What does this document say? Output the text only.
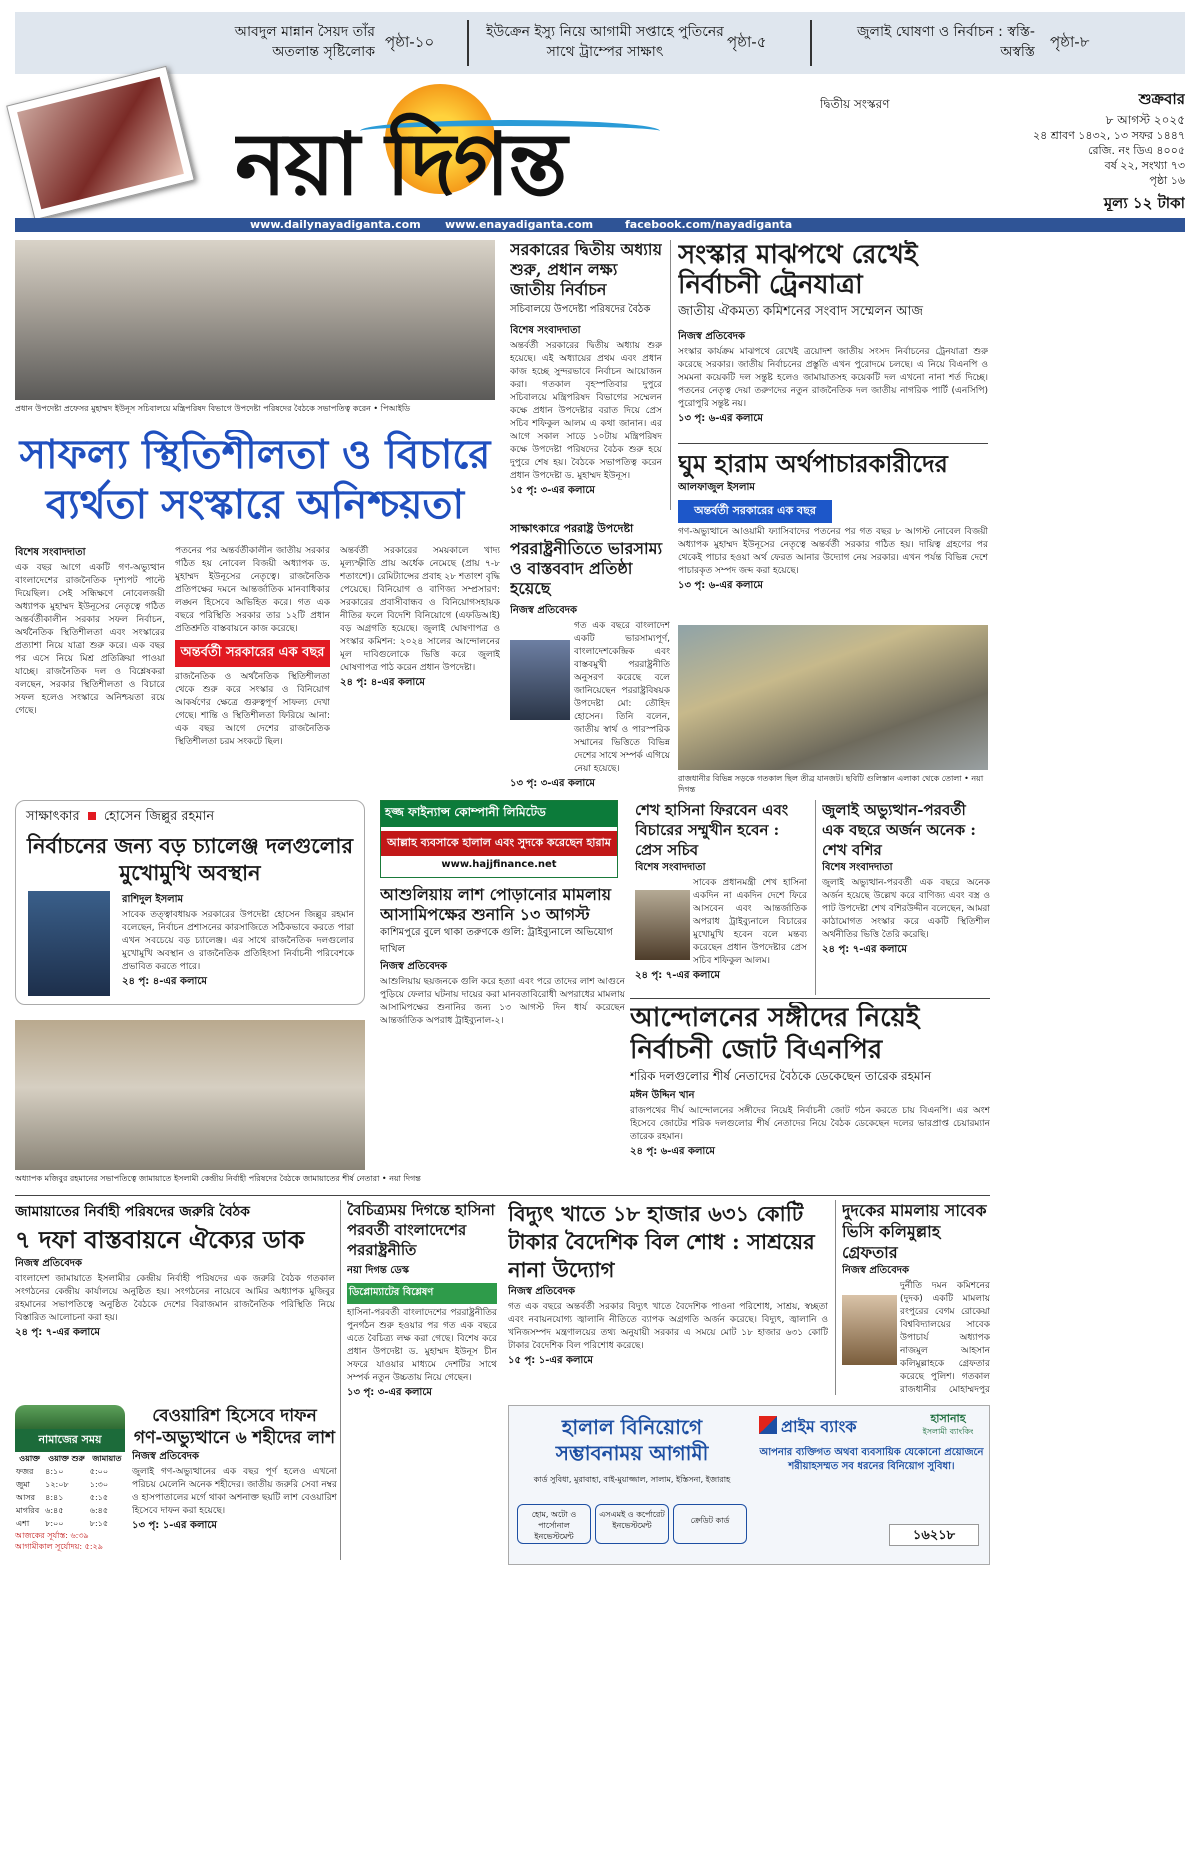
আবদুল মান্নান সৈয়দ তাঁর অতলান্ত সৃষ্টিলোক
পৃষ্ঠা-১০
ইউক্রেন ইস্যু নিয়ে আগামী সপ্তাহে পুতিনের সাথে ট্রাম্পের সাক্ষাৎ
পৃষ্ঠা-৫
জুলাই ঘোষণা ও নির্বাচন : স্বস্তি-অস্বস্তি
পৃষ্ঠা-৮
নয়া দিগন্ত
দ্বিতীয় সংস্করণ	শুক্রবার
৮ আগস্ট ২০২৫
২৪ শ্রাবণ ১৪৩২, ১৩ সফর ১৪৪৭
রেজি. নং ডিএ ৪০০৫
বর্ষ ২২, সংখ্যা ৭৩
পৃষ্ঠা ১৬
মূল্য ১২ টাকা
www.dailynayadiganta.com www.enayadiganta.com	facebook.com/nayadiganta
প্রধান উপদেষ্টা প্রফেসর মুহাম্মদ ইউনূস সচিবালয়ে মন্ত্রিপরিষদ বিভাগে উপদেষ্টা পরিষদের বৈঠকে সভাপতিত্ব করেন • পিআইডি
সরকারের দ্বিতীয় অধ্যায় শুরু, প্রধান লক্ষ্য জাতীয় নির্বাচন
সচিবালয়ে উপদেষ্টা পরিষদের বৈঠক
বিশেষ সংবাদদাতা
অন্তর্বর্তী সরকারের দ্বিতীয় অধ্যায় শুরু হয়েছে। এই অধ্যায়ের প্রথম এবং প্রধান কাজ হচ্ছে সুন্দরভাবে নির্বাচন আয়োজন করা। গতকাল বৃহস্পতিবার দুপুরে সচিবালয়ে মন্ত্রিপরিষদ বিভাগের সম্মেলন কক্ষে প্রধান উপদেষ্টার বরাত দিয়ে প্রেস সচিব শফিকুল আলম এ কথা জানান। এর আগে সকাল সাড়ে ১০টায় মন্ত্রিপরিষদ কক্ষে উপদেষ্টা পরিষদের বৈঠক শুরু হয়ে দুপুরে শেষ হয়। বৈঠকে সভাপতিত্ব করেন প্রধান উপদেষ্টা ড. মুহাম্মদ ইউনূস।
১৫ পৃ: ৩-এর কলামে
সংস্কার মাঝপথে রেখেই নির্বাচনী ট্রেনযাত্রা
জাতীয় ঐকমত্য কমিশনের সংবাদ সম্মেলন আজ
নিজস্ব প্রতিবেদক
সংস্কার কার্যক্রম মাঝপথে রেখেই ত্রয়োদশ জাতীয় সংসদ নির্বাচনের ট্রেনযাত্রা শুরু করেছে সরকার। জাতীয় নির্বাচনের প্রস্তুতি এখন পুরোদমে চলছে। এ নিয়ে বিএনপি ও সমমনা কয়েকটি দল সন্তুষ্ট হলেও জামায়াতসহ কয়েকটি দল এখনো নানা শর্ত দিচ্ছে। পতনের নেতৃত্ব দেয়া তরুণদের নতুন রাজনৈতিক দল জাতীয় নাগরিক পার্টি (এনসিপি) পুরোপুরি সন্তুষ্ট নয়।
১৩ পৃ: ৬-এর কলামে
সাফল্য স্থিতিশীলতা ও বিচারে
ব্যর্থতা সংস্কারে অনিশ্চয়তা
বিশেষ সংবাদদাতা
এক বছর আগে একটি গণ-অভ্যুত্থান বাংলাদেশের রাজনৈতিক দৃশ্যপট পাল্টে দিয়েছিল। সেই সন্ধিক্ষণে নোবেলজয়ী অধ্যাপক মুহাম্মদ ইউনূসের নেতৃত্বে গঠিত অন্তর্বর্তীকালীন সরকার সফল নির্বাচন, অর্থনৈতিক স্থিতিশীলতা এবং সংস্কারের প্রত্যাশা নিয়ে যাত্রা শুরু করে। এক বছর পর এসে নিয়ে মিশ্র প্রতিক্রিয়া পাওয়া যাচ্ছে। রাজনৈতিক দল ও বিশ্লেষকরা বলছেন, সরকার স্থিতিশীলতা ও বিচারে সফল হলেও সংস্কারে অনিশ্চয়তা রয়ে গেছে।
পতনের পর অন্তর্বর্তীকালীন জাতীয় সরকার গঠিত হয় নোবেল বিজয়ী অধ্যাপক ড. মুহাম্মদ ইউনূসের নেতৃত্বে। রাজনৈতিক প্রতিপক্ষের দমনে আন্তর্জাতিক মানবাধিকার লঙ্ঘন হিসেবে অভিহিত করে। গত এক বছরে পরিস্থিতি সরকার তার ১২টি প্রধান প্রতিশ্রুতি বাস্তবায়নে কাজ করেছে।
অন্তর্বর্তী সরকারের এক বছর
রাজনৈতিক ও অর্থনৈতিক স্থিতিশীলতা থেকে শুরু করে সংস্কার ও বিনিয়োগ আকর্ষণের ক্ষেত্রে গুরুত্বপূর্ণ সাফল্য দেখা গেছে। শান্তি ও স্থিতিশীলতা ফিরিয়ে আনা: এক বছর আগে দেশের রাজনৈতিক স্থিতিশীলতা চরম সংকটে ছিল।
অন্তর্বর্তী সরকারের সময়কালে খাদ্য মূল্যস্ফীতি প্রায় অর্ধেক নেমেছে (প্রায় ৭-৮ শতাংশে)। রেমিট্যান্সের প্রবাহ ২৮ শতাংশ বৃদ্ধি পেয়েছে। বিনিয়োগ ও বাণিজ্য সম্প্রসারণ: সরকারের প্রবাসীবান্ধব ও বিনিয়োগসহায়ক নীতির ফলে বিদেশি বিনিয়োগে (এফডিআই) বড় অগ্রগতি হয়েছে। জুলাই ঘোষণাপত্র ও সংস্কার কমিশন: ২০২৪ সালের আন্দোলনের মূল দাবিগুলোকে ভিত্তি করে জুলাই ঘোষণাপত্র পাঠ করেন প্রধান উপদেষ্টা।
২৪ পৃ: ৪-এর কলামে
ঘুম হারাম অর্থপাচারকারীদের
আলফাজুল ইসলাম
অন্তর্বর্তী সরকারের এক বছর
গণ-অভ্যুত্থানে আওয়ামী ফ্যাসিবাদের পতনের পর গত বছর ৮ আগস্ট নোবেল বিজয়ী অধ্যাপক মুহাম্মদ ইউনূসের নেতৃত্বে অন্তর্বর্তী সরকার গঠিত হয়। দায়িত্ব গ্রহণের পর থেকেই পাচার হওয়া অর্থ ফেরত আনার উদ্যোগ নেয় সরকার। এখন পর্যন্ত বিভিন্ন দেশে পাচারকৃত সম্পদ জব্দ করা হয়েছে।
১৩ পৃ: ৬-এর কলামে
সাক্ষাৎকারে পররাষ্ট্র উপদেষ্টা
পররাষ্ট্রনীতিতে ভারসাম্য ও বাস্তববাদ প্রতিষ্ঠা হয়েছে
নিজস্ব প্রতিবেদক
গত এক বছরে বাংলাদেশ একটি ভারসাম্যপূর্ণ, বাংলাদেশকেন্দ্রিক এবং বাস্তবমুখী পররাষ্ট্রনীতি অনুসরণ করেছে বলে জানিয়েছেন পররাষ্ট্রবিষয়ক উপদেষ্টা মো: তৌহিদ হোসেন। তিনি বলেন, জাতীয় স্বার্থ ও পারস্পরিক সম্মানের ভিত্তিতে বিভিন্ন দেশের সাথে সম্পর্ক এগিয়ে নেয়া হয়েছে।
১৩ পৃ: ৩-এর কলামে	রাজধানীর বিভিন্ন সড়কে গতকাল ছিল তীব্র যানজট। ছবিটি গুলিস্তান এলাকা থেকে তোলা • নয়া দিগন্ত
সাক্ষাৎকার হোসেন জিল্লুর রহমান
নির্বাচনের জন্য বড় চ্যালেঞ্জ দলগুলোর মুখোমুখি অবস্থান
রাশিদুল ইসলাম
সাবেক তত্ত্বাবধায়ক সরকারের উপদেষ্টা হোসেন জিল্লুর রহমান বলেছেন, নির্বাচন প্রশাসনের কারসাজিতে সঠিকভাবে করতে পারা এখন সবচেয়ে বড় চ্যালেঞ্জ। এর সাথে রাজনৈতিক দলগুলোর মুখোমুখি অবস্থান ও রাজনৈতিক প্রতিহিংসা নির্বাচনী পরিবেশকে প্রভাবিত করতে পারে।
২৪ পৃ: ৪-এর কলামে
হজ্জ ফাইন্যান্স কোম্পানী লিমিটেড
আল্লাহ ব্যবসাকে হালাল এবং সুদকে করেছেন হারাম
www.hajjfinance.net
আশুলিয়ায় লাশ পোড়ানোর মামলায় আসামিপক্ষের শুনানি ১৩ আগস্ট
কাশিমপুরে বুলে থাকা তরুণকে গুলি: ট্রাইব্যুনালে অভিযোগ দাখিল
নিজস্ব প্রতিবেদক
আশুলিয়ায় ছয়জনকে গুলি করে হত্যা এবং পরে তাদের লাশ আগুনে পুড়িয়ে ফেলার ঘটনায় দায়ের করা মানবতাবিরোধী অপরাধের মামলায় আসামিপক্ষের শুনানির জন্য ১৩ আগস্ট দিন ধার্য করেছেন আন্তর্জাতিক অপরাধ ট্রাইব্যুনাল-২।
শেখ হাসিনা ফিরবেন এবং বিচারের সম্মুখীন হবেন : প্রেস সচিব
বিশেষ সংবাদদাতা
সাবেক প্রধানমন্ত্রী শেখ হাসিনা একদিন না একদিন দেশে ফিরে আসবেন এবং আন্তর্জাতিক অপরাধ ট্রাইব্যুনালে বিচারের মুখোমুখি হবেন বলে মন্তব্য করেছেন প্রধান উপদেষ্টার প্রেস সচিব শফিকুল আলম।
২৪ পৃ: ৭-এর কলামে
জুলাই অভ্যুত্থান-পরবর্তী এক বছরে অর্জন অনেক : শেখ বশির
বিশেষ সংবাদদাতা
জুলাই অভ্যুত্থান-পরবর্তী এক বছরে অনেক অর্জন হয়েছে উল্লেখ করে বাণিজ্য এবং বস্ত্র ও পাট উপদেষ্টা শেখ বশিরউদ্দীন বলেছেন, আমরা কাঠামোগত সংস্কার করে একটি স্থিতিশীল অর্থনীতির ভিত্তি তৈরি করেছি।
২৪ পৃ: ৭-এর কলামে
আন্দোলনের সঙ্গীদের নিয়েই
নির্বাচনী জোট বিএনপির
শরিক দলগুলোর শীর্ষ নেতাদের বৈঠকে ডেকেছেন তারেক রহমান
মঈন উদ্দিন খান
রাজপথের দীর্ঘ আন্দোলনের সঙ্গীদের নিয়েই নির্বাচনী জোট গঠন করতে চায় বিএনপি। এর অংশ হিসেবে জোটের শরিক দলগুলোর শীর্ষ নেতাদের নিয়ে বৈঠক ডেকেছেন দলের ভারপ্রাপ্ত চেয়ারম্যান তারেক রহমান।
২৪ পৃ: ৬-এর কলামে
অধ্যাপক মজিবুর রহমানের সভাপতিত্বে জামায়াতে ইসলামী কেন্দ্রীয় নির্বাহী পরিষদের বৈঠকে জামায়াতের শীর্ষ নেতারা • নয়া দিগন্ত
জামায়াতের নির্বাহী পরিষদের জরুরি বৈঠক
৭ দফা বাস্তবায়নে ঐক্যের ডাক
নিজস্ব প্রতিবেদক
বাংলাদেশ জামায়াতে ইসলামীর কেন্দ্রীয় নির্বাহী পরিষদের এক জরুরি বৈঠক গতকাল সংগঠনের কেন্দ্রীয় কার্যালয়ে অনুষ্ঠিত হয়। সংগঠনের নায়েবে আমির অধ্যাপক মুজিবুর রহমানের সভাপতিত্বে অনুষ্ঠিত বৈঠকে দেশের বিরাজমান রাজনৈতিক পরিস্থিতি নিয়ে বিস্তারিত আলোচনা করা হয়।
২৪ পৃ: ৭-এর কলামে
বৈচিত্র্যময় দিগন্তে হাসিনা পরবর্তী বাংলাদেশের পররাষ্ট্রনীতি
নয়া দিগন্ত ডেস্ক
ডিপ্লোম্যাটের বিশ্লেষণ
হাসিনা-পরবর্তী বাংলাদেশের পররাষ্ট্রনীতির পুনর্গঠন শুরু হওয়ার পর গত এক বছরে এতে বৈচিত্র্য লক্ষ করা গেছে। বিশেষ করে প্রধান উপদেষ্টা ড. মুহাম্মদ ইউনূস চীন সফরে যাওয়ার মাধ্যমে দেশটির সাথে সম্পর্ক নতুন উচ্চতায় নিয়ে গেছেন।
১৩ পৃ: ৩-এর কলামে
বিদ্যুৎ খাতে ১৮ হাজার ৬৩১ কোটি টাকার বৈদেশিক বিল শোধ : সাশ্রয়ের নানা উদ্যোগ
নিজস্ব প্রতিবেদক
গত এক বছরে অন্তর্বর্তী সরকার বিদ্যুৎ খাতে বৈদেশিক পাওনা পরিশোধ, সাশ্রয়, স্বচ্ছতা এবং নবায়নযোগ্য জ্বালানি নীতিতে ব্যাপক অগ্রগতি অর্জন করেছে। বিদ্যুৎ, জ্বালানি ও খনিজসম্পদ মন্ত্রণালয়ের তথ্য অনুযায়ী সরকার এ সময়ে মোট ১৮ হাজার ৬৩১ কোটি টাকার বৈদেশিক বিল পরিশোধ করেছে।
১৫ পৃ: ১-এর কলামে
দুদকের মামলায় সাবেক ভিসি কলিমুল্লাহ গ্রেফতার
নিজস্ব প্রতিবেদক
দুর্নীতি দমন কমিশনের (দুদক) একটি মামলায় রংপুরের বেগম রোকেয়া বিশ্ববিদ্যালয়ের সাবেক উপাচার্য অধ্যাপক নাজমুল আহসান কলিমুল্লাহকে গ্রেফতার করেছে পুলিশ। গতকাল রাজধানীর মোহাম্মদপুর
নামাজের সময়
ওয়াক্ত	ওয়াক্ত শুরু	জামায়াত
ফজর	৪:১০	৫:০০
জুমা	১২:০৮	১:৩০
আসর	৪:৪১	৫:১৫
মাগরিব	৬:৪৫	৬:৪৫
এশা	৮:০০	৮:১৫
আজকের সূর্যাস্ত: ৬:৩৯
আগামীকাল সূর্যোদয়: ৫:২৯
বেওয়ারিশ হিসেবে দাফন
গণ-অভ্যুত্থানে ৬ শহীদের লাশ
নিজস্ব প্রতিবেদক
জুলাই গণ-অভ্যুত্থানের এক বছর পূর্ণ হলেও এখনো পরিচয় মেলেনি অনেক শহীদের। জাতীয় জরুরি সেবা নম্বর ও হাসপাতালের মর্গে থাকা অশনাক্ত ছয়টি লাশ বেওয়ারিশ হিসেবে দাফন করা হয়েছে।
১৩ পৃ: ১-এর কলামে
হালাল বিনিয়োগে সম্ভাবনাময় আগামী
কার্ড সুবিধা, মুরাবাহা, বাই-মুয়াজ্জাল, সালাম, ইস্তিসনা, ইজারাহ
হোম, অটো ও পার্সোনাল ইনভেস্টমেন্ট
এসএমই ও কর্পোরেট ইনভেস্টমেন্ট
ক্রেডিট কার্ড
প্রাইম ব্যাংক	হাসানাহ
ইসলামী ব্যাংকিং
আপনার ব্যক্তিগত অথবা ব্যবসায়িক যেকোনো প্রয়োজনে শরীয়াহসম্মত সব ধরনের বিনিয়োগ সুবিধা।
১৬২১৮
